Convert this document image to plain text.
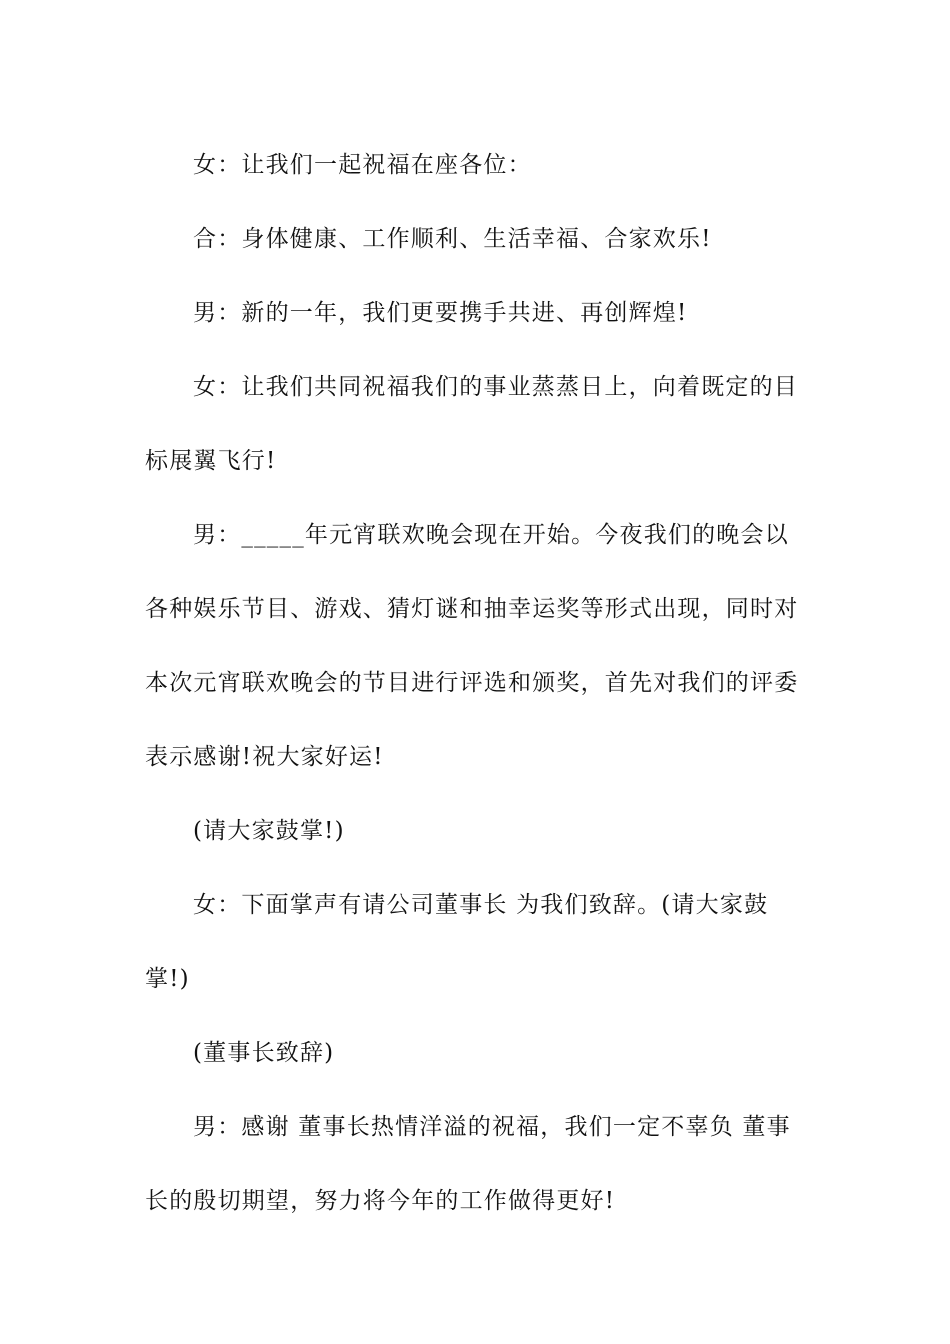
女：让我们一起祝福在座各位：

合：身体健康、工作顺利、生活幸福、合家欢乐!

男：新的一年，我们更要携手共进、再创辉煌!

女：让我们共同祝福我们的事业蒸蒸日上，向着既定的目标展翼飞行!

男：_____年元宵联欢晚会现在开始。今夜我们的晚会以各种娱乐节目、游戏、猜灯谜和抽幸运奖等形式出现，同时对本次元宵联欢晚会的节目进行评选和颁奖，首先对我们的评委表示感谢!祝大家好运!

(请大家鼓掌!)

女：下面掌声有请公司董事长 为我们致辞。(请大家鼓掌!)

(董事长致辞)

男：感谢 董事长热情洋溢的祝福，我们一定不辜负 董事长的殷切期望，努力将今年的工作做得更好!
